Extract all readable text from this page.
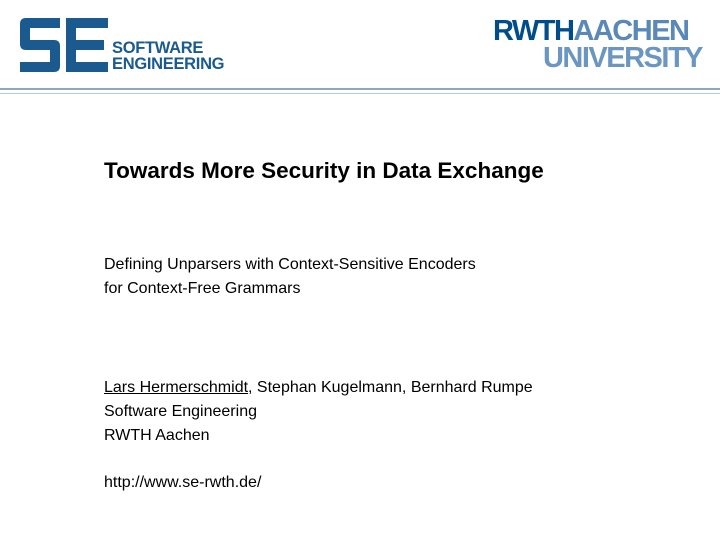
SOFTWARE
ENGINEERING
RWTHAACHEN
UNIVERSITY
Towards More Security in Data Exchange
Defining Unparsers with Context-Sensitive Encoders
for Context-Free Grammars
Lars Hermerschmidt, Stephan Kugelmann, Bernhard Rumpe
Software Engineering
RWTH Aachen
http://www.se-rwth.de/
